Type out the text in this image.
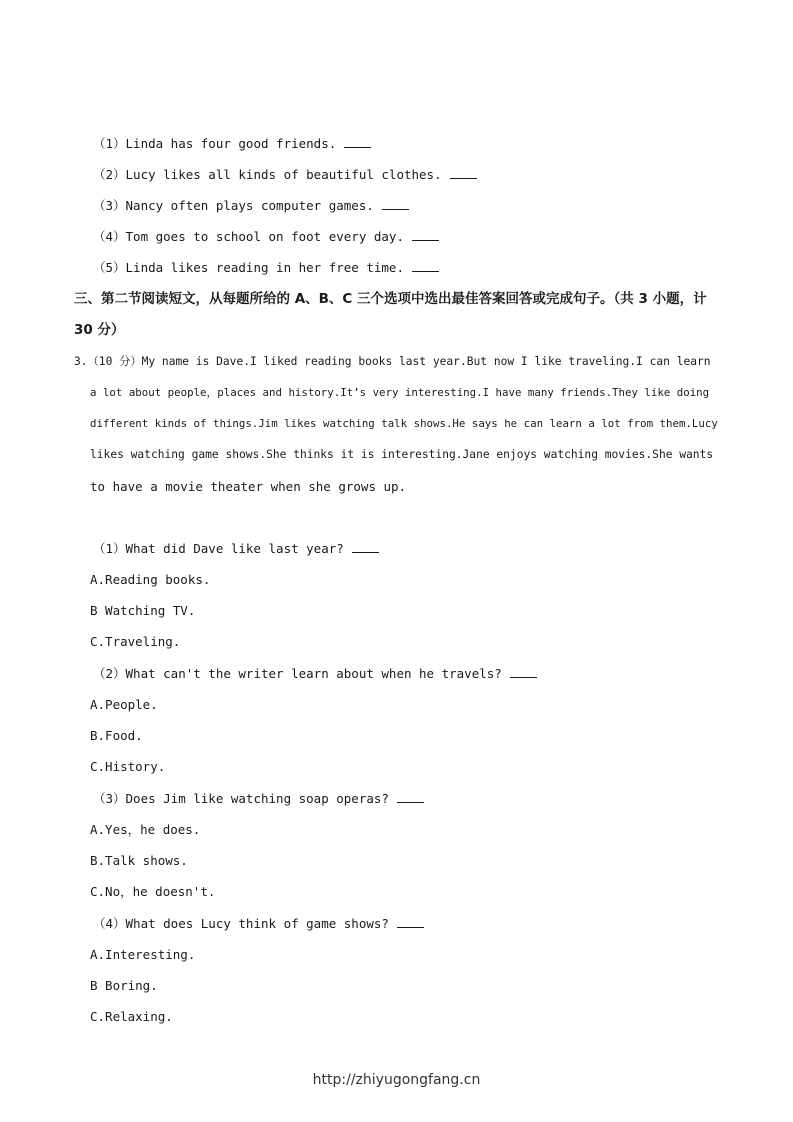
（1）Linda has four good friends.
（2）Lucy likes all kinds of beautiful clothes.
（3）Nancy often plays computer games.
（4）Tom goes to school on foot every day.
（5）Linda likes reading in her free time.
三、第二节阅读短文，从每题所给的 A、B、C 三个选项中选出最佳答案回答或完成句子。（共 3 小题，计
30 分）
3.（10 分）My name is Dave.I liked reading books last year.But now I like traveling.I can learn
a lot about people，places and history.It’s very interesting.I have many friends.They like doing
different kinds of things.Jim likes watching talk shows.He says he can learn a lot from them.Lucy
likes watching game shows.She thinks it is interesting.Jane enjoys watching movies.She wants
to have a movie theater when she grows up.
（1）What did Dave like last year?
A.Reading books.
B Watching TV.
C.Traveling.
（2）What can't the writer learn about when he travels?
A.People.
B.Food.
C.History.
（3）Does Jim like watching soap operas?
A.Yes，he does.
B.Talk shows.
C.No，he doesn't.
（4）What does Lucy think of game shows?
A.Interesting.
B Boring.
C.Relaxing.
http://zhiyugongfang.cn
